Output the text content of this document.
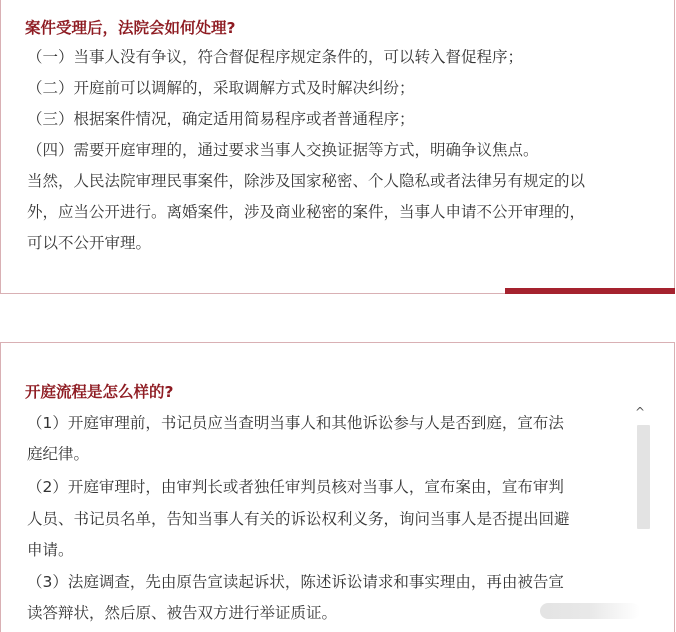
案件受理后，法院会如何处理?

（一）当事人没有争议，符合督促程序规定条件的，可以转入督促程序；

（二）开庭前可以调解的，采取调解方式及时解决纠纷；

（三）根据案件情况，确定适用简易程序或者普通程序；

（四）需要开庭审理的，通过要求当事人交换证据等方式，明确争议焦点。

当然，人民法院审理民事案件，除涉及国家秘密、个人隐私或者法律另有规定的以

外，应当公开进行。离婚案件，涉及商业秘密的案件，当事人申请不公开审理的，

可以不公开审理。

开庭流程是怎么样的?

（1）开庭审理前，书记员应当查明当事人和其他诉讼参与人是否到庭，宣布法

庭纪律。

（2）开庭审理时，由审判长或者独任审判员核对当事人，宣布案由，宣布审判

人员、书记员名单，告知当事人有关的诉讼权利义务，询问当事人是否提出回避

申请。

（3）法庭调查，先由原告宣读起诉状，陈述诉讼请求和事实理由，再由被告宣

读答辩状，然后原、被告双方进行举证质证。

^
